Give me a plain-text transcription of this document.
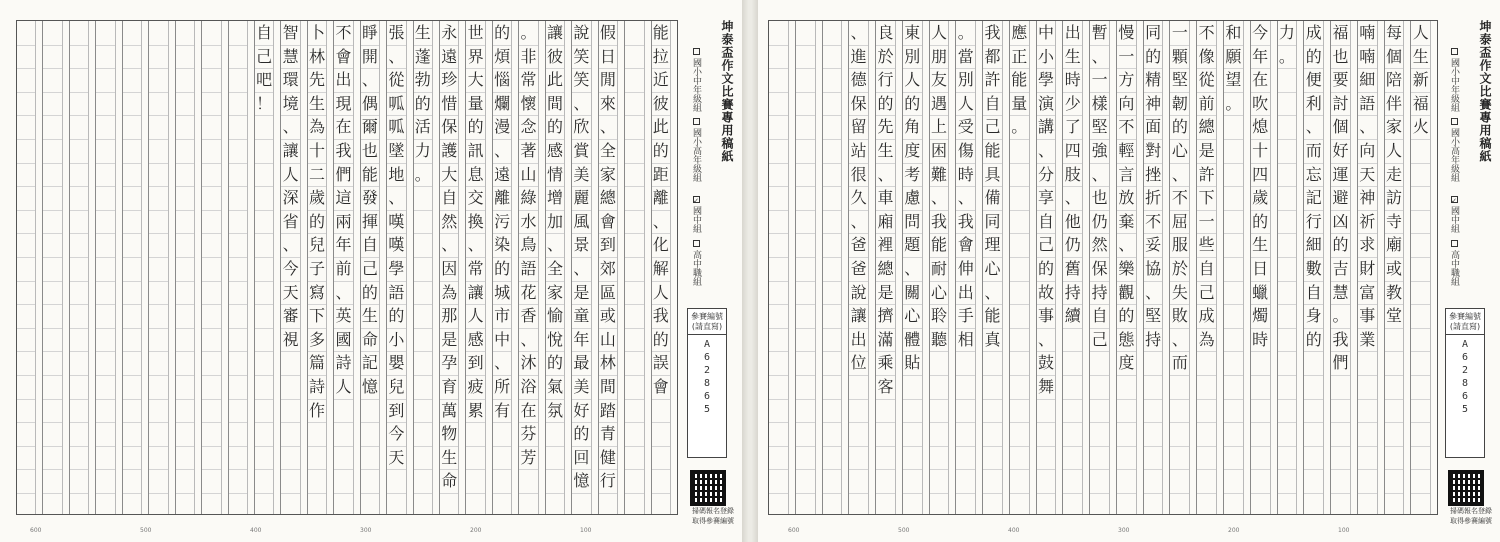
自
己
吧
！
智
慧
環
境
、
讓
人
深
省
、
今
天
審
視
卜
林
先
生
為
十
二
歲
的
兒
子
寫
下
多
篇
詩
作
不
會
出
現
在
我
們
這
兩
年
前
、
英
國
詩
人
睜
開
、
偶
爾
也
能
發
揮
自
己
的
生
命
記
憶
張
、
從
呱
呱
墜
地
、
嘆
嘆
學
語
的
小
嬰
兒
到
今
天
生
蓬
勃
的
活
力
。
永
遠
珍
惜
保
護
大
自
然
、
因
為
那
是
孕
育
萬
物
生
命
世
界
大
量
的
訊
息
交
換
、
常
讓
人
感
到
疲
累
的
煩
惱
爛
漫
、
遠
離
污
染
的
城
市
中
、
所
有
。
非
常
懷
念
著
山
綠
水
鳥
語
花
香
、
沐
浴
在
芬
芳
讓
彼
此
間
的
感
情
增
加
、
全
家
愉
悅
的
氣
氛
說
笑
笑
、
欣
賞
美
麗
風
景
、
是
童
年
最
美
好
的
回
憶
假
日
閒
來
、
全
家
總
會
到
郊
區
或
山
林
間
踏
青
健
行
能
拉
近
彼
此
的
距
離
、
化
解
人
我
的
誤
會
坤泰盃作文比賽專用稿紙
國小中年級組
國小高年級組
✓
國中組
高中職組
參賽編號(請直寫)
A62865
掃碼報名登錄
取得參賽編號
600	500	400	300	200	100
、
進
德
保
留
站
很
久
、
爸
爸
說
讓
出
位
良
於
行
的
先
生
、
車
廂
裡
總
是
擠
滿
乘
客
東
別
人
的
角
度
考
慮
問
題
、
關
心
體
貼
人
朋
友
遇
上
困
難
、
我
能
耐
心
聆
聽
。
當
別
人
受
傷
時
、
我
會
伸
出
手
相
我
都
許
自
己
能
具
備
同
理
心
、
能
真
應
正
能
量
。
中
小
學
演
講
、
分
享
自
己
的
故
事
、
鼓
舞
出
生
時
少
了
四
肢
、
他
仍
舊
持
續
暫
、
一
樣
堅
強
、
也
仍
然
保
持
自
己
慢
一
方
向
不
輕
言
放
棄
、
樂
觀
的
態
度
同
的
精
神
面
對
挫
折
不
妥
協
、
堅
持
一
顆
堅
韌
的
心
、
不
屈
服
於
失
敗
、
而
不
像
從
前
總
是
許
下
一
些
自
己
成
為
和
願
望
。
今
年
在
吹
熄
十
四
歲
的
生
日
蠟
燭
時
力
。
成
的
便
利
、
而
忘
記
行
細
數
自
身
的
福
也
要
討
個
好
運
避
凶
的
吉
慧
。
我
們
喃
喃
細
語
、
向
天
神
祈
求
財
富
事
業
每
個
陪
伴
家
人
走
訪
寺
廟
或
教
堂
人
生
新
福
火	坤泰盃作文比賽專用稿紙
國小中年級組
國小高年級組
✓
國中組
高中職組
參賽編號(請直寫)
A62865
掃碼報名登錄
取得參賽編號
600	500	400	300	200	100
